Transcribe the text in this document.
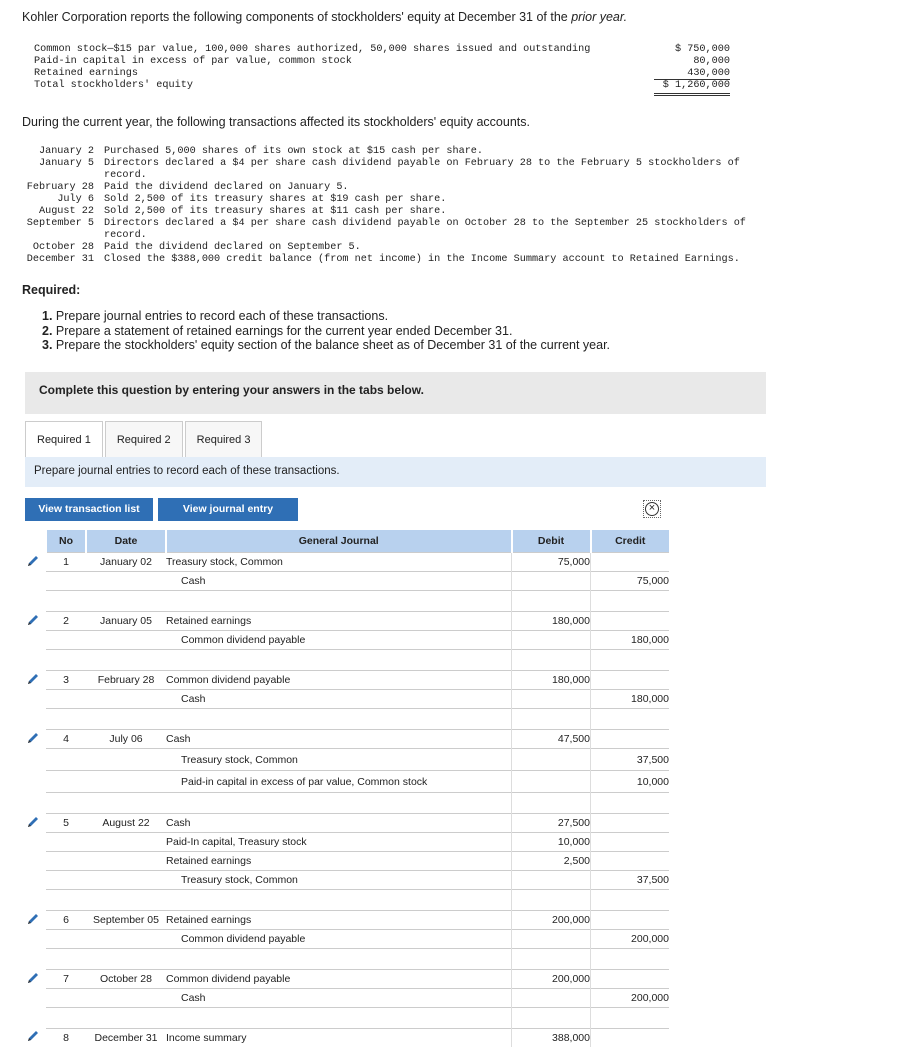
Kohler Corporation reports the following components of stockholders' equity at December 31 of the prior year.
Common stock—$15 par value, 100,000 shares authorized, 50,000 shares issued and outstanding	$ 750,000
Paid-in capital in excess of par value, common stock	80,000
Retained earnings	430,000
Total stockholders' equity	$ 1,260,000
During the current year, the following transactions affected its stockholders' equity accounts.
January 2 Purchased 5,000 shares of its own stock at $15 cash per share.
January 5 Directors declared a $4 per share cash dividend payable on February 28 to the February 5 stockholders of record.
February 28 Paid the dividend declared on January 5.
July 6 Sold 2,500 of its treasury shares at $19 cash per share.
August 22 Sold 2,500 of its treasury shares at $11 cash per share.
September 5 Directors declared a $4 per share cash dividend payable on October 28 to the September 25 stockholders of record.
October 28 Paid the dividend declared on September 5.
December 31 Closed the $388,000 credit balance (from net income) in the Income Summary account to Retained Earnings.
Required:
1. Prepare journal entries to record each of these transactions.
2. Prepare a statement of retained earnings for the current year ended December 31.
3. Prepare the stockholders' equity section of the balance sheet as of December 31 of the current year.
Complete this question by entering your answers in the tabs below.
Required 1	Required 2	Required 3
Prepare journal entries to record each of these transactions.
View transaction list	View journal entry	×
	No	Date	General Journal	Debit	Credit
	1	January 02	Treasury stock, Common	75,000	
			Cash		75,000

	2	January 05	Retained earnings	180,000	
			Common dividend payable		180,000

	3	February 28	Common dividend payable	180,000	
			Cash		180,000

	4	July 06	Cash	47,500	
			Treasury stock, Common		37,500
			Paid-in capital in excess of par value, Common stock		10,000

	5	August 22	Cash	27,500	
			Paid-In capital, Treasury stock	10,000	
			Retained earnings	2,500	
			Treasury stock, Common		37,500

	6	September 05	Retained earnings	200,000	
			Common dividend payable		200,000

	7	October 28	Common dividend payable	200,000	
			Cash		200,000

	8	December 31	Income summary	388,000	
